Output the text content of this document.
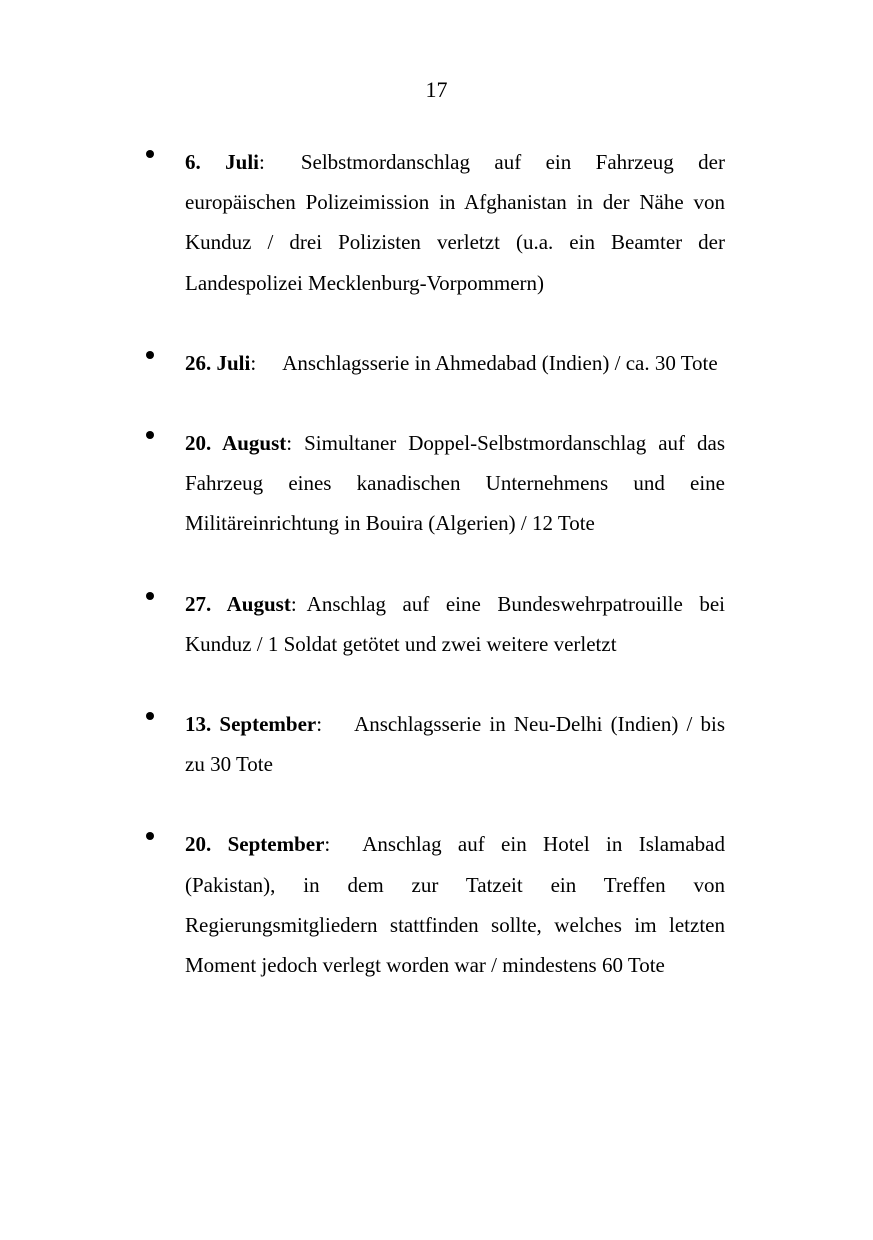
17

6. Juli: Selbstmordanschlag auf ein Fahrzeug der europäischen Polizeimission in Afghanistan in der Nähe von Kunduz / drei Polizisten verletzt (u.a. ein Beamter der Landespolizei Mecklenburg-Vorpommern)

26. Juli: Anschlagsserie in Ahmedabad (Indien) / ca. 30 Tote

20. August: Simultaner Doppel-Selbstmordanschlag auf das Fahrzeug eines kanadischen Unternehmens und eine Militäreinrichtung in Bouira (Algerien) / 12 Tote

27. August: Anschlag auf eine Bundeswehrpatrouille bei Kunduz / 1 Soldat getötet und zwei weitere verletzt

13. September: Anschlagsserie in Neu-Delhi (Indien) / bis zu 30 Tote

20. September: Anschlag auf ein Hotel in Islamabad (Pakistan), in dem zur Tatzeit ein Treffen von Regierungsmitgliedern stattfinden sollte, welches im letzten Moment jedoch verlegt worden war / mindestens 60 Tote
